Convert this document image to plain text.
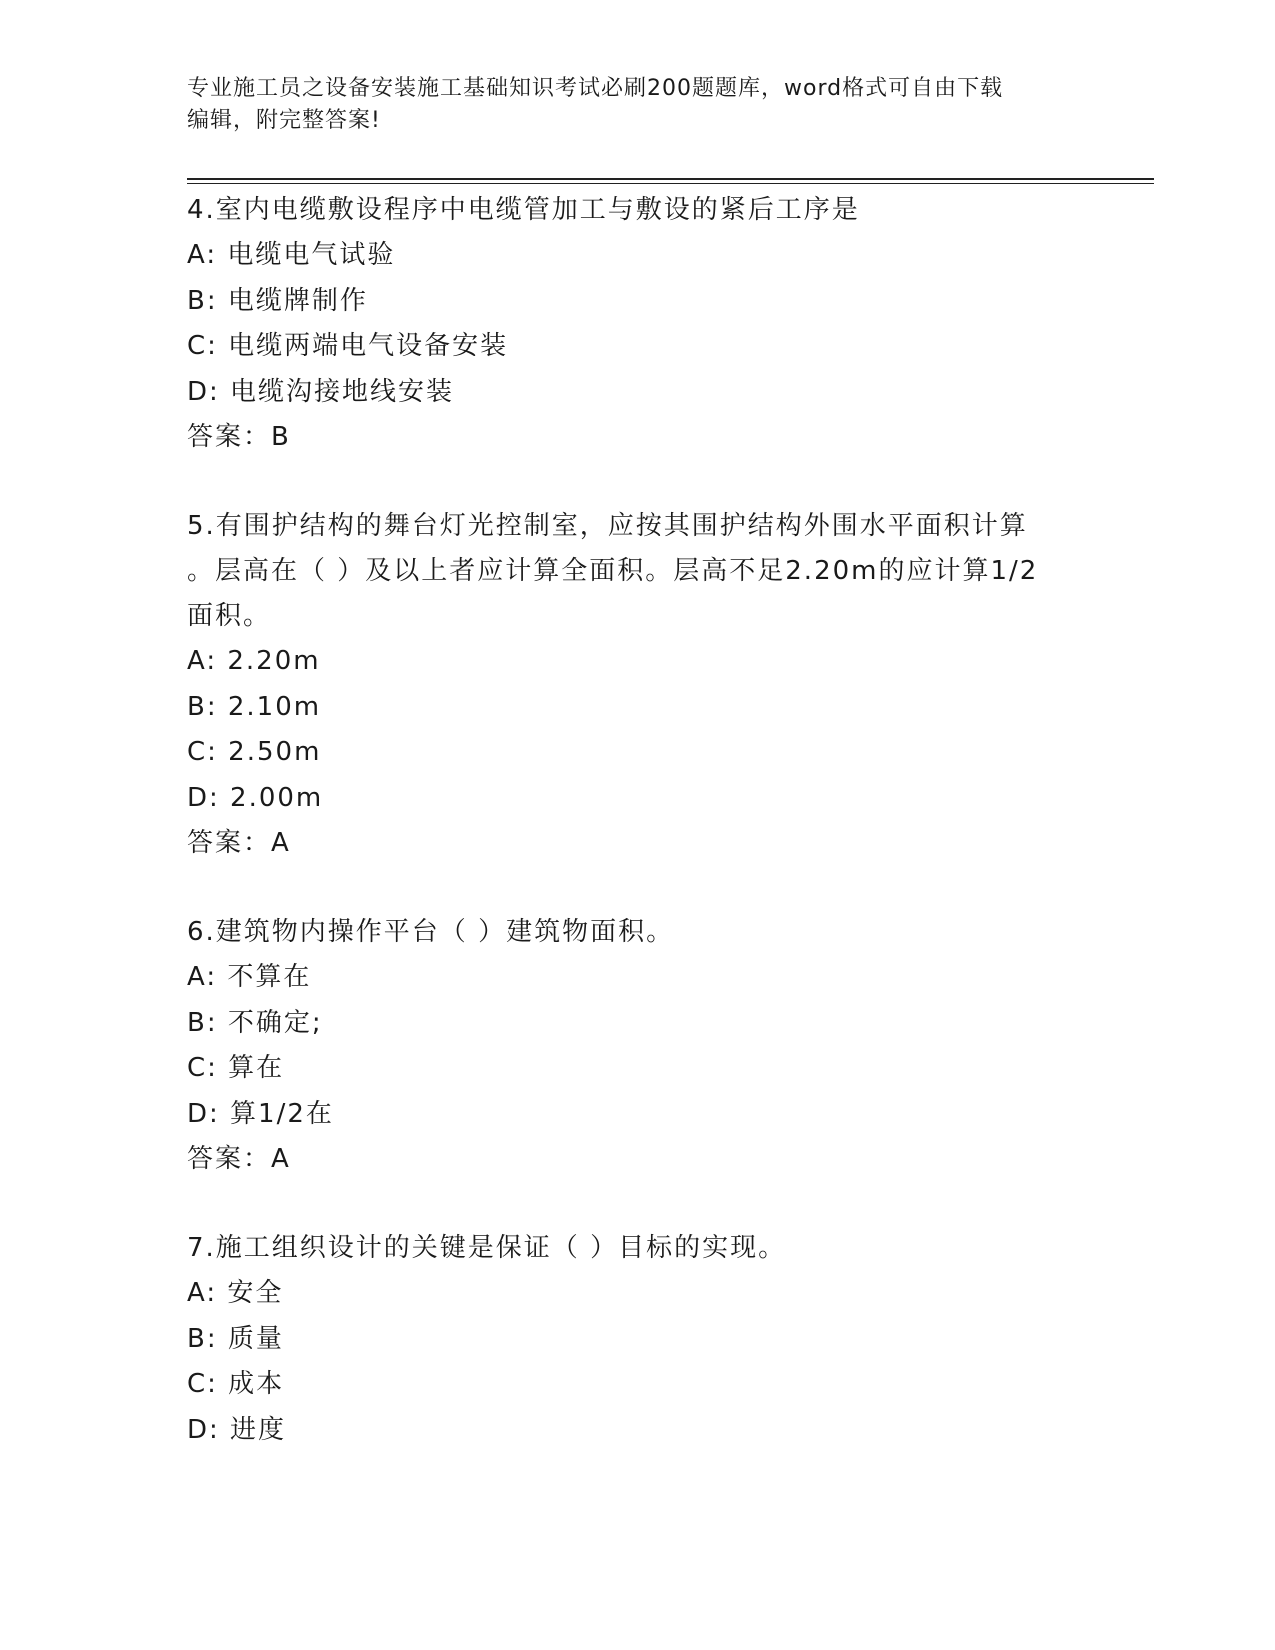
专业施工员之设备安装施工基础知识考试必刷200题题库，word格式可自由下载
编辑，附完整答案!

4.室内电缆敷设程序中电缆管加工与敷设的紧后工序是

A: 电缆电气试验

B: 电缆牌制作

C: 电缆两端电气设备安装

D: 电缆沟接地线安装

答案：B

5.有围护结构的舞台灯光控制室，应按其围护结构外围水平面积计算

。层高在（ ）及以上者应计算全面积。层高不足2.20m的应计算1/2

面积。

A: 2.20m

B: 2.10m

C: 2.50m

D: 2.00m

答案：A

6.建筑物内操作平台（ ）建筑物面积。

A: 不算在

B: 不确定;

C: 算在

D: 算1/2在

答案：A

7.施工组织设计的关键是保证（ ）目标的实现。

A: 安全

B: 质量

C: 成本

D: 进度
